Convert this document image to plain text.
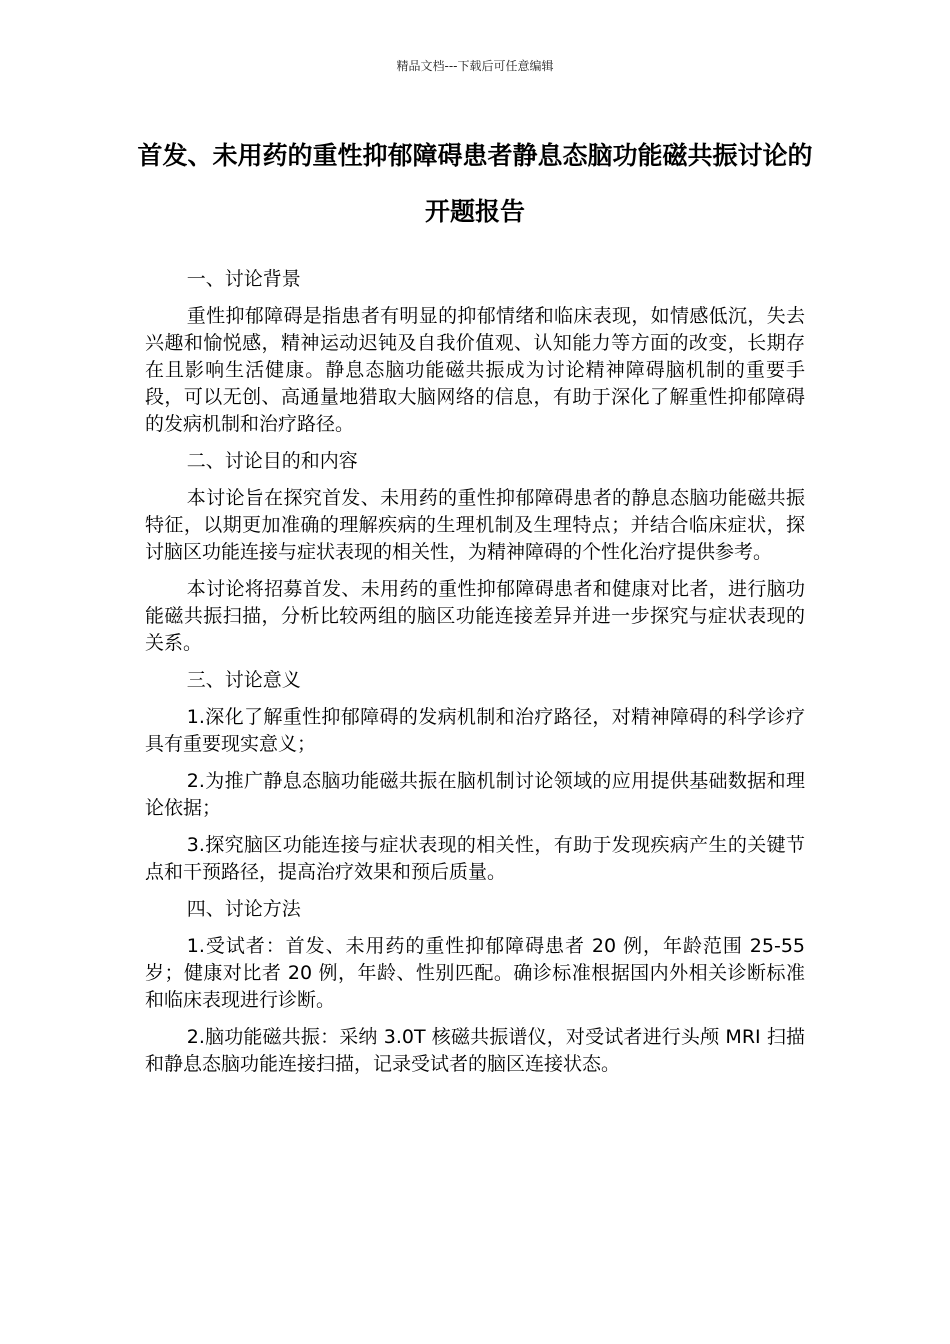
精品文档---下载后可任意编辑
首发、未用药的重性抑郁障碍患者静息态脑功能磁共振讨论的开题报告

一、讨论背景

重性抑郁障碍是指患者有明显的抑郁情绪和临床表现，如情感低沉，失去兴趣和愉悦感，精神运动迟钝及自我价值观、认知能力等方面的改变，长期存在且影响生活健康。静息态脑功能磁共振成为讨论精神障碍脑机制的重要手段，可以无创、高通量地猎取大脑网络的信息，有助于深化了解重性抑郁障碍的发病机制和治疗路径。

二、讨论目的和内容

本讨论旨在探究首发、未用药的重性抑郁障碍患者的静息态脑功能磁共振特征，以期更加准确的理解疾病的生理机制及生理特点；并结合临床症状，探讨脑区功能连接与症状表现的相关性，为精神障碍的个性化治疗提供参考。

本讨论将招募首发、未用药的重性抑郁障碍患者和健康对比者，进行脑功能磁共振扫描，分析比较两组的脑区功能连接差异并进一步探究与症状表现的关系。

三、讨论意义

1.深化了解重性抑郁障碍的发病机制和治疗路径，对精神障碍的科学诊疗具有重要现实意义；

2.为推广静息态脑功能磁共振在脑机制讨论领域的应用提供基础数据和理论依据；

3.探究脑区功能连接与症状表现的相关性，有助于发现疾病产生的关键节点和干预路径，提高治疗效果和预后质量。

四、讨论方法

1.受试者：首发、未用药的重性抑郁障碍患者 20 例，年龄范围 25-55 岁；健康对比者 20 例，年龄、性别匹配。确诊标准根据国内外相关诊断标准和临床表现进行诊断。

2.脑功能磁共振：采纳 3.0T 核磁共振谱仪，对受试者进行头颅 MRI 扫描和静息态脑功能连接扫描，记录受试者的脑区连接状态。
